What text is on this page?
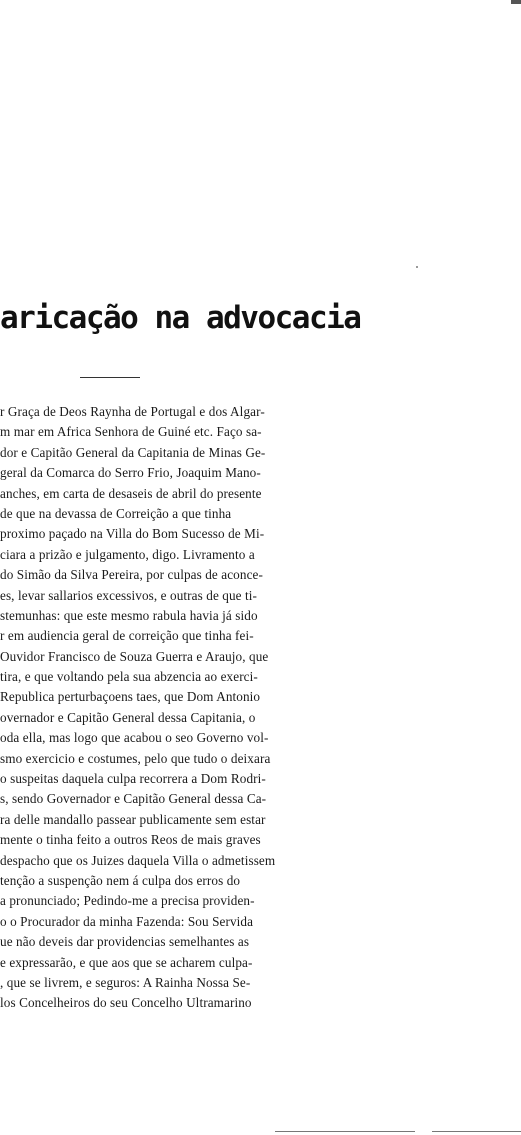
aricação na advocacia
r Graça de Deos Raynha de Portugal e dos Algar-
m mar em Africa Senhora de Guiné etc. Faço sa-
dor e Capitão General da Capitania de Minas Ge-
geral da Comarca do Serro Frio, Joaquim Mano-
anches, em carta de desaseis de abril do presente
de que na devassa de Correição a que tinha
proximo paçado na Villa do Bom Sucesso de Mi-
ciara a prizão e julgamento, digo. Livramento a
do Simão da Silva Pereira, por culpas de aconce-
es, levar sallarios excessivos, e outras de que ti-
stemunhas: que este mesmo rabula havia já sido
r em audiencia geral de correição que tinha fei-
Ouvidor Francisco de Souza Guerra e Araujo, que
tira, e que voltando pela sua abzencia ao exerci-
Republica perturbaçoens taes, que Dom Antonio
overnador e Capitão General dessa Capitania, o
oda ella, mas logo que acabou o seo Governo vol-
smo exercicio e costumes, pelo que tudo o deixara
o suspeitas daquela culpa recorrera a Dom Rodri-
s, sendo Governador e Capitão General dessa Ca-
ra delle mandallo passear publicamente sem estar
mente o tinha feito a outros Reos de mais graves
despacho que os Juizes daquela Villa o admetissem
tenção a suspenção nem á culpa dos erros do
a pronunciado; Pedindo-me a precisa providen-
o o Procurador da minha Fazenda: Sou Servida
ue não deveis dar providencias semelhantes as
e expressarão, e que aos que se acharem culpa-
, que se livrem, e seguros: A Rainha Nossa Se-
los Concelheiros do seu Concelho Ultramarino
